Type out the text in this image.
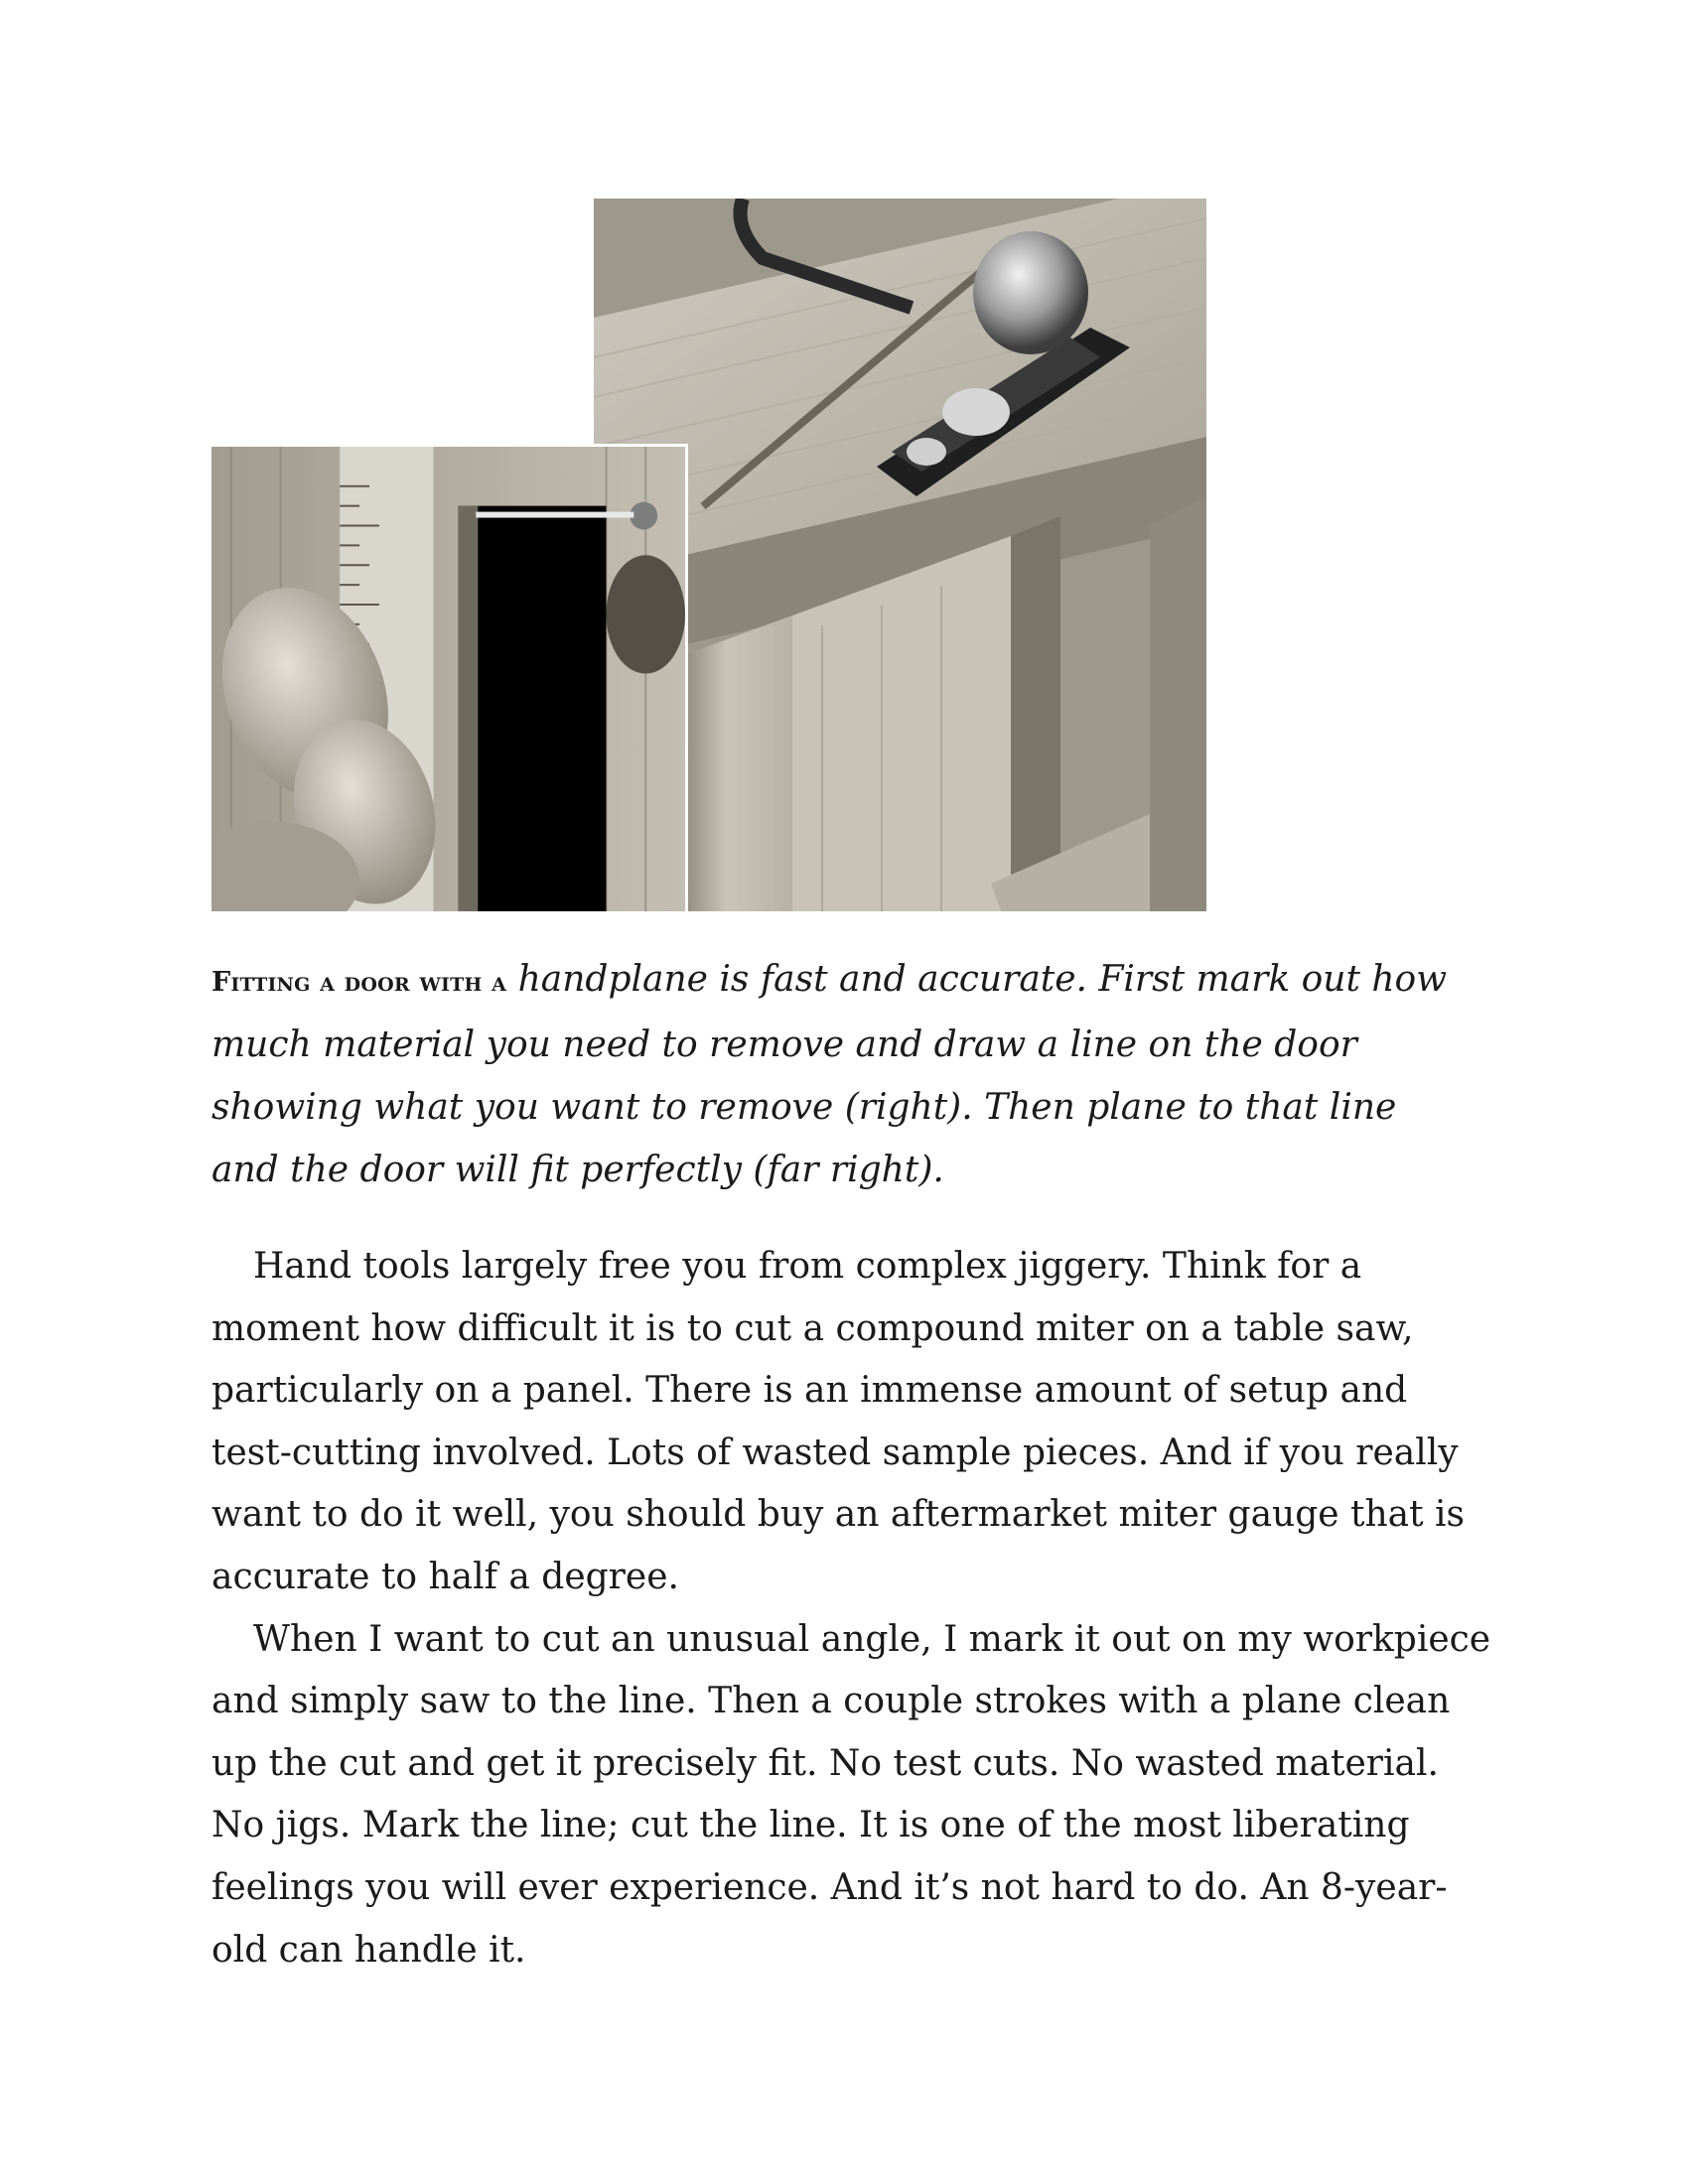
Fitting a door with a handplane is fast and accurate. First mark out how much material you need to remove and draw a line on the door showing what you want to remove (right). Then plane to that line and the door will fit perfectly (far right).

Hand tools largely free you from complex jiggery. Think for a moment how difficult it is to cut a compound miter on a table saw, particularly on a panel. There is an immense amount of setup and test-cutting involved. Lots of wasted sample pieces. And if you really want to do it well, you should buy an aftermarket miter gauge that is accurate to half a degree.

When I want to cut an unusual angle, I mark it out on my workpiece and simply saw to the line. Then a couple strokes with a plane clean up the cut and get it precisely fit. No test cuts. No wasted material. No jigs. Mark the line; cut the line. It is one of the most liberating feelings you will ever experience. And it’s not hard to do. An 8-year-old can handle it.
